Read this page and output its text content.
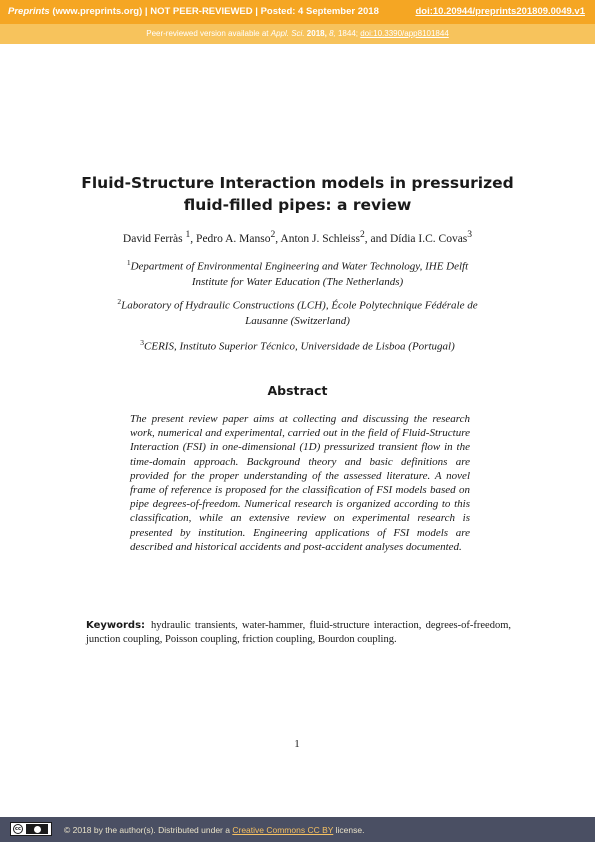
Preprints (www.preprints.org) | NOT PEER-REVIEWED | Posted: 4 September 2018	doi:10.20944/preprints201809.0049.v1
Peer-reviewed version available at Appl. Sci. 2018, 8, 1844; doi:10.3390/app8101844
Fluid-Structure Interaction models in pressurized
fluid-filled pipes: a review
David Ferràs $^1$, Pedro A. Manso$^2$, Anton J. Schleiss$^2$, and Dídia I.C. Covas$^3$
$^1$Department of Environmental Engineering and Water Technology, IHE Delft
Institute for Water Education (The Netherlands)
$^2$Laboratory of Hydraulic Constructions (LCH), École Polytechnique Fédérale de
Lausanne (Switzerland)
$^3$CERIS, Instituto Superior Técnico, Universidade de Lisboa (Portugal)
Abstract
The present review paper aims at collecting and discussing the research work, numerical and experimental, carried out in the field of Fluid-Structure Interaction (FSI) in one-dimensional (1D) pressurized transient flow in the time-domain approach. Background theory and basic definitions are provided for the proper understanding of the assessed literature. A novel frame of reference is proposed for the classification of FSI models based on pipe degrees-of-freedom. Numerical research is organized according to this classification, while an extensive review on experimental research is presented by institution. Engineering applications of FSI models are described and historical accidents and post-accident analyses documented.
Keywords: hydraulic transients, water-hammer, fluid-structure interaction, degrees-of-freedom, junction coupling, Poisson coupling, friction coupling, Bourdon coupling.
1
cc	© 2018 by the author(s). Distributed under a Creative Commons CC BY license.
